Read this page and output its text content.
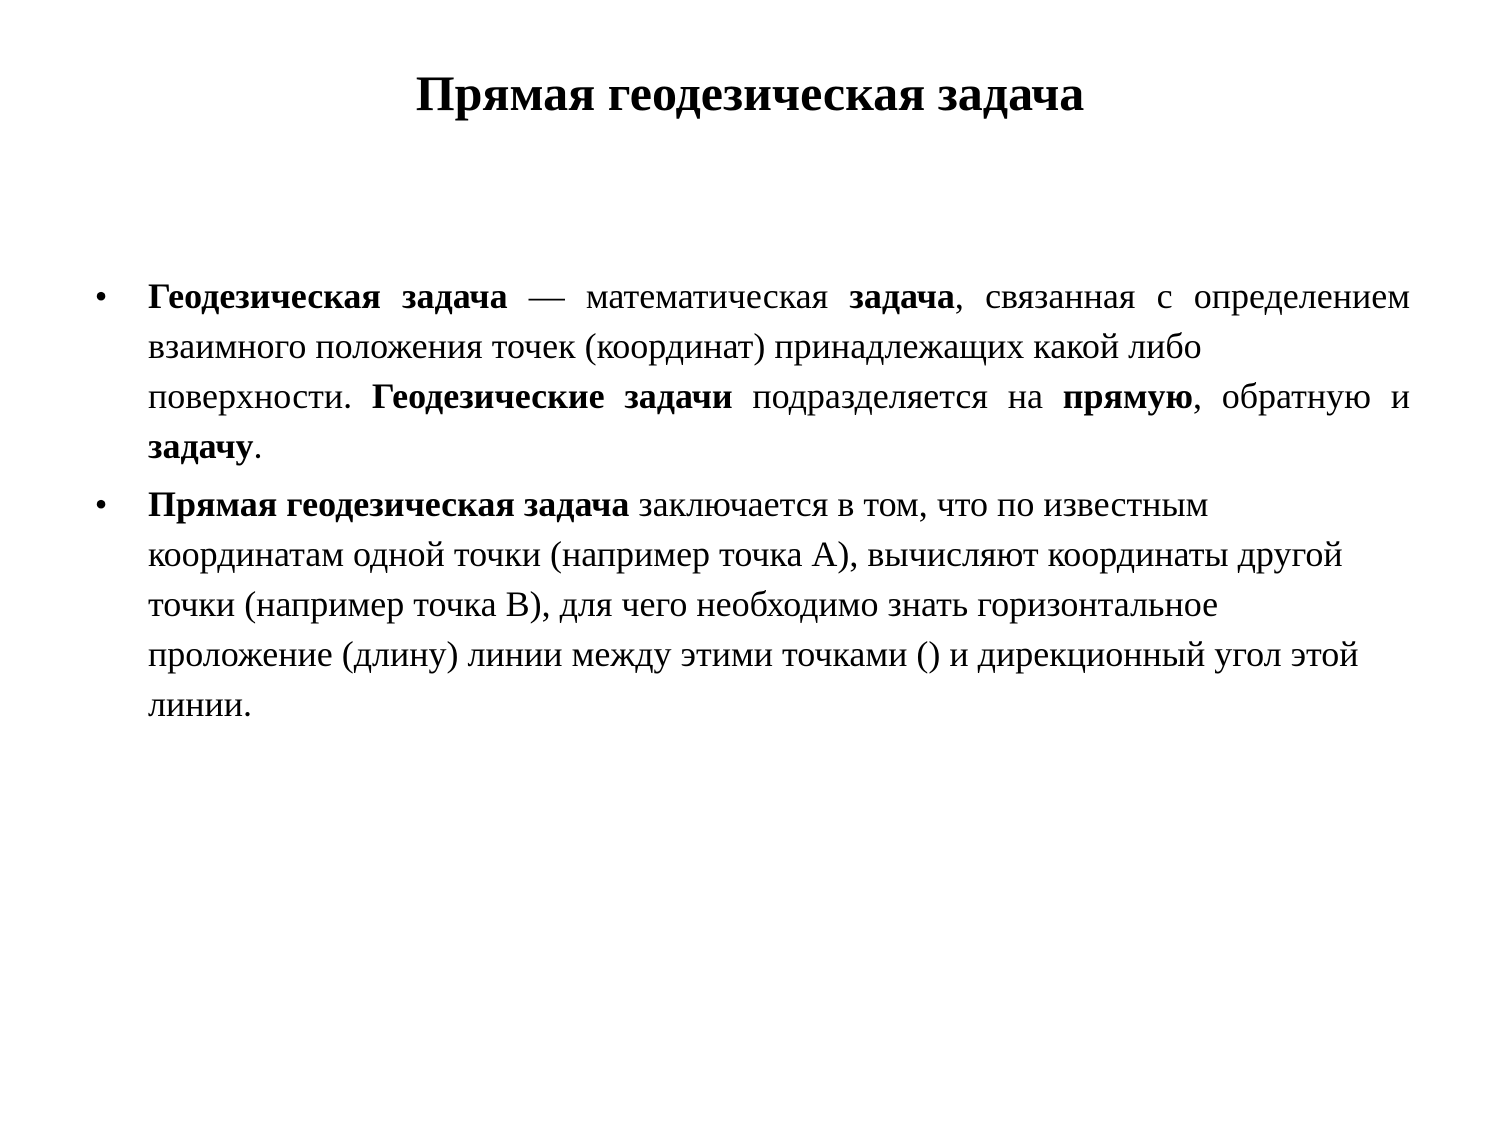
Прямая геодезическая задача
• Геодезическая задача — математическая задача, связанная с определением взаимного положения точек (координат) принадлежащих какой либо
поверхности. Геодезические задачи подразделяется на прямую, обратную и задачу.
• Прямая геодезическая задача заключается в том, что по известным координатам одной точки (например точка A), вычисляют координаты другой точки (например точка B), для чего необходимо знать горизонтальное проложение (длину) линии между этими точками () и дирекционный угол этой линии.
